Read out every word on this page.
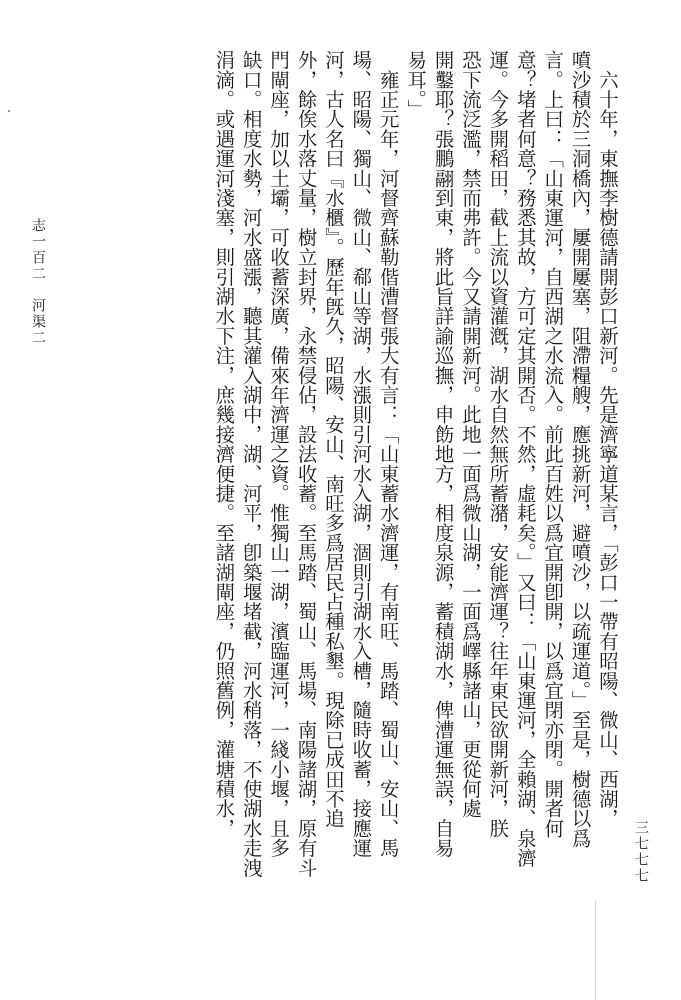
　六十年，東撫李樹德請開彭口新河。先是濟寧道某言，「彭口一帶有昭陽、微山、西湖，
噴沙積於三洞橋內，屢開屢塞，阻滯糧艘，應挑新河，避噴沙，以疏運道。」至是，樹德以爲
言。上曰：「山東運河，自西湖之水流入。前此百姓以爲宜開卽開，以爲宜閉亦閉。開者何
意？堵者何意？務悉其故，方可定其開否。不然，虛耗矣。」又曰：「山東運河，全賴湖、泉濟
運。今多開稻田，截上流以資灌漑，湖水自然無所蓄潴，安能濟運？往年東民欲開新河，朕
恐下流泛濫，禁而弗許。今又請開新河。此地一面爲微山湖，一面爲嶧縣諸山，更從何處
開鑿耶？張鵬翮到東，將此旨詳諭巡撫，申飭地方，相度泉源，蓄積湖水，俾漕運無誤，自易
易耳。」
　雍正元年，河督齊蘇勒偕漕督張大有言：「山東蓄水濟運，有南旺、馬踏、蜀山、安山、馬
場、昭陽、獨山、微山、郗山等湖，水漲則引河水入湖，涸則引湖水入槽，隨時收蓄，接應運
河，古人名曰『水櫃』。歷年旣久，昭陽、安山、南旺多爲居民占種私墾。現除已成田不追
外，餘俟水落丈量，樹立封界，永禁侵佔，設法收蓄。至馬踏、蜀山、馬場、南陽諸湖，原有斗
門閘座，加以土壩，可收蓄深廣，備來年濟運之資。惟獨山一湖，濱臨運河，一綫小堰，且多
缺口。相度水勢，河水盛漲，聽其灌入湖中，湖、河平，卽築堰堵截，河水稍落，不使湖水走洩
涓滴。或遇運河淺塞，則引湖水下注，庶幾接濟便捷。至諸湖閘座，仍照舊例，灌塘積水，
志一百二　河渠二
三七七七
